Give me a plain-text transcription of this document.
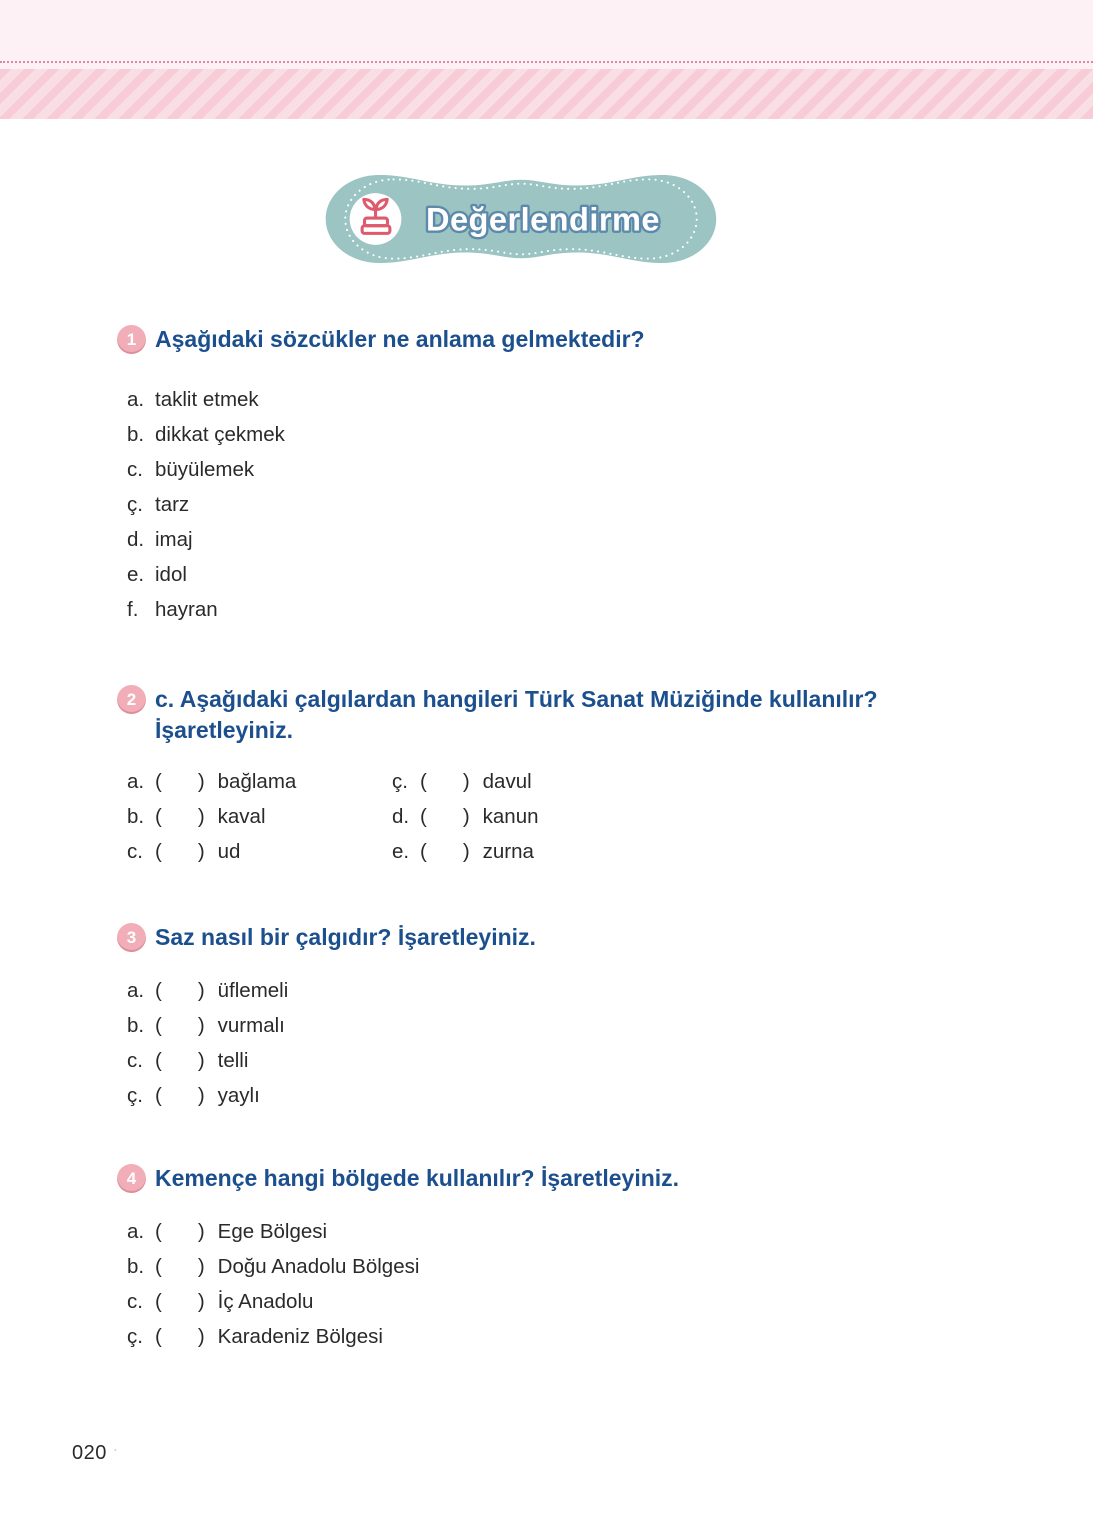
Değerlendirme
1 Aşağıdaki sözcükler ne anlama gelmektedir?
a. taklit etmek
b. dikkat çekmek
c. büyülemek
ç. tarz
d. imaj
e. idol
f. hayran
2 c. Aşağıdaki çalgılardan hangileri Türk Sanat Müziğinde kullanılır?
İşaretleyiniz.
a. ( ) bağlama
b. ( ) kaval
c. ( ) ud
ç. ( ) davul
d. ( ) kanun
e. ( ) zurna
3 Saz nasıl bir çalgıdır? İşaretleyiniz.
a. ( ) üflemeli
b. ( ) vurmalı
c. ( ) telli
ç. ( ) yaylı
4 Kemençe hangi bölgede kullanılır? İşaretleyiniz.
a. ( ) Ege Bölgesi
b. ( ) Doğu Anadolu Bölgesi
c. ( ) İç Anadolu
ç. ( ) Karadeniz Bölgesi
020 ·
